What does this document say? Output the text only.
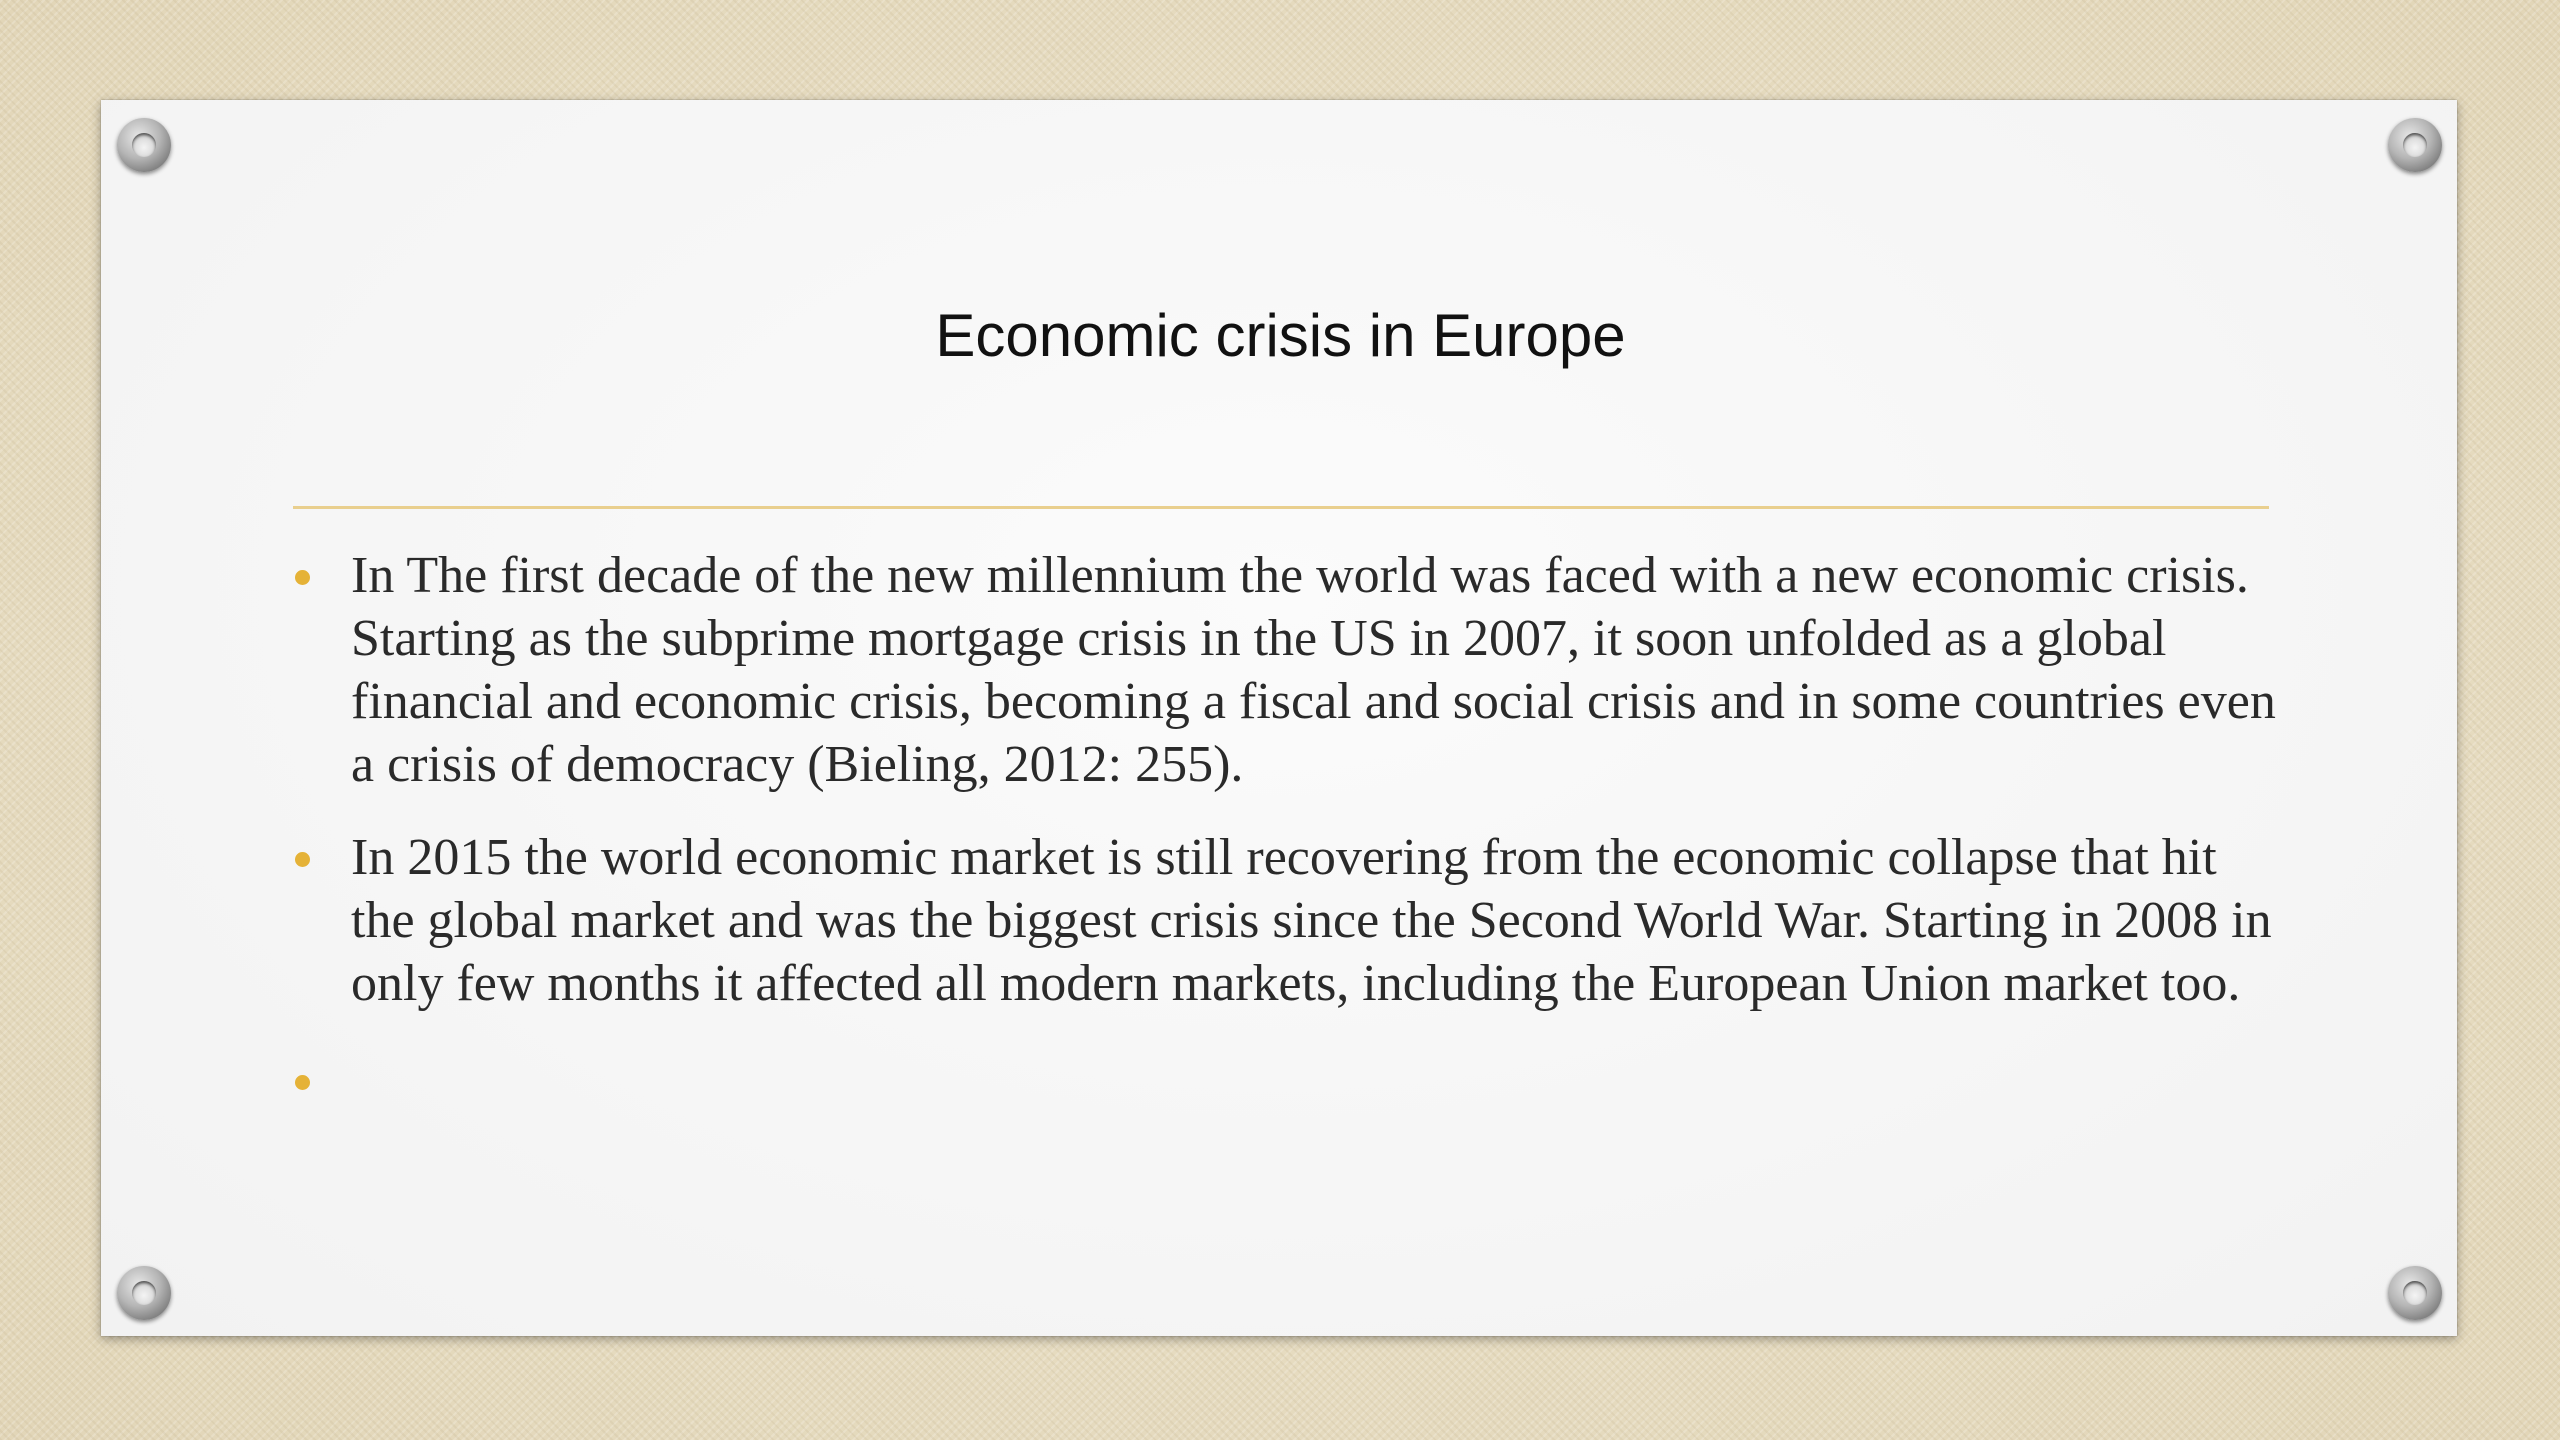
Economic crisis in Europe
In The first decade of the new millennium the world was faced with a new economic crisis. Starting as the subprime mortgage crisis in the US in 2007, it soon unfolded as a global financial and economic crisis, becoming a fiscal and social crisis and in some countries even a crisis of democracy (Bieling, 2012: 255).
In 2015 the world economic market is still recovering from the economic collapse that hit the global market and was the biggest crisis since the Second World War. Starting in 2008 in only few months it affected all modern markets, including the European Union market too.
